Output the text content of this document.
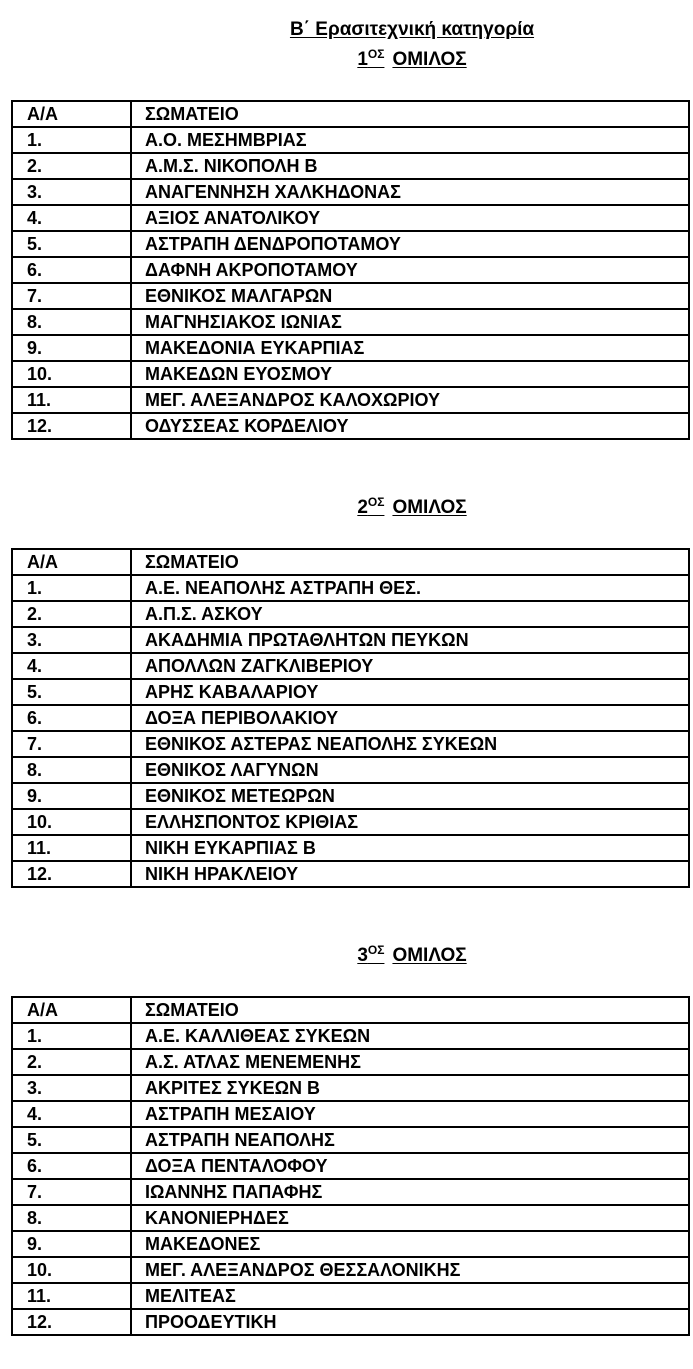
Β΄ Ερασιτεχνική κατηγορία
$1^{O\Sigma}$ ΟΜΙΛΟΣ
Α/Α	ΣΩΜΑΤΕΙΟ
1.	Α.Ο. ΜΕΣΗΜΒΡΙΑΣ
2.	Α.Μ.Σ. ΝΙΚΟΠΟΛΗ Β
3.	ΑΝΑΓΕΝΝΗΣΗ ΧΑΛΚΗΔΟΝΑΣ
4.	ΑΞΙΟΣ ΑΝΑΤΟΛΙΚΟΥ
5.	ΑΣΤΡΑΠΗ ΔΕΝΔΡΟΠΟΤΑΜΟΥ
6.	ΔΑΦΝΗ ΑΚΡΟΠΟΤΑΜΟΥ
7.	ΕΘΝΙΚΟΣ ΜΑΛΓΑΡΩΝ
8.	ΜΑΓΝΗΣΙΑΚΟΣ ΙΩΝΙΑΣ
9.	ΜΑΚΕΔΟΝΙΑ ΕΥΚΑΡΠΙΑΣ
10.	ΜΑΚΕΔΩΝ ΕΥΟΣΜΟΥ
11.	ΜΕΓ. ΑΛΕΞΑΝΔΡΟΣ ΚΑΛΟΧΩΡΙΟΥ
12.	ΟΔΥΣΣΕΑΣ ΚΟΡΔΕΛΙΟΥ
$2^{O\Sigma}$ ΟΜΙΛΟΣ
Α/Α	ΣΩΜΑΤΕΙΟ
1.	Α.Ε. ΝΕΑΠΟΛΗΣ ΑΣΤΡΑΠΗ ΘΕΣ.
2.	Α.Π.Σ. ΑΣΚΟΥ
3.	ΑΚΑΔΗΜΙΑ ΠΡΩΤΑΘΛΗΤΩΝ ΠΕΥΚΩΝ
4.	ΑΠΟΛΛΩΝ ΖΑΓΚΛΙΒΕΡΙΟΥ
5.	ΑΡΗΣ ΚΑΒΑΛΑΡΙΟΥ
6.	ΔΟΞΑ ΠΕΡΙΒΟΛΑΚΙΟΥ
7.	ΕΘΝΙΚΟΣ ΑΣΤΕΡΑΣ ΝΕΑΠΟΛΗΣ ΣΥΚΕΩΝ
8.	ΕΘΝΙΚΟΣ ΛΑΓΥΝΩΝ
9.	ΕΘΝΙΚΟΣ ΜΕΤΕΩΡΩΝ
10.	ΕΛΛΗΣΠΟΝΤΟΣ ΚΡΙΘΙΑΣ
11.	ΝΙΚΗ ΕΥΚΑΡΠΙΑΣ Β
12.	ΝΙΚΗ ΗΡΑΚΛΕΙΟΥ
$3^{O\Sigma}$ ΟΜΙΛΟΣ
Α/Α	ΣΩΜΑΤΕΙΟ
1.	Α.Ε. ΚΑΛΛΙΘΕΑΣ ΣΥΚΕΩΝ
2.	Α.Σ. ΑΤΛΑΣ ΜΕΝΕΜΕΝΗΣ
3.	ΑΚΡΙΤΕΣ ΣΥΚΕΩΝ Β
4.	ΑΣΤΡΑΠΗ ΜΕΣΑΙΟΥ
5.	ΑΣΤΡΑΠΗ ΝΕΑΠΟΛΗΣ
6.	ΔΟΞΑ ΠΕΝΤΑΛΟΦΟΥ
7.	ΙΩΑΝΝΗΣ ΠΑΠΑΦΗΣ
8.	ΚΑΝΟΝΙΕΡΗΔΕΣ
9.	ΜΑΚΕΔΟΝΕΣ
10.	ΜΕΓ. ΑΛΕΞΑΝΔΡΟΣ ΘΕΣΣΑΛΟΝΙΚΗΣ
11.	ΜΕΛΙΤΕΑΣ
12.	ΠΡΟΟΔΕΥΤΙΚΗ
